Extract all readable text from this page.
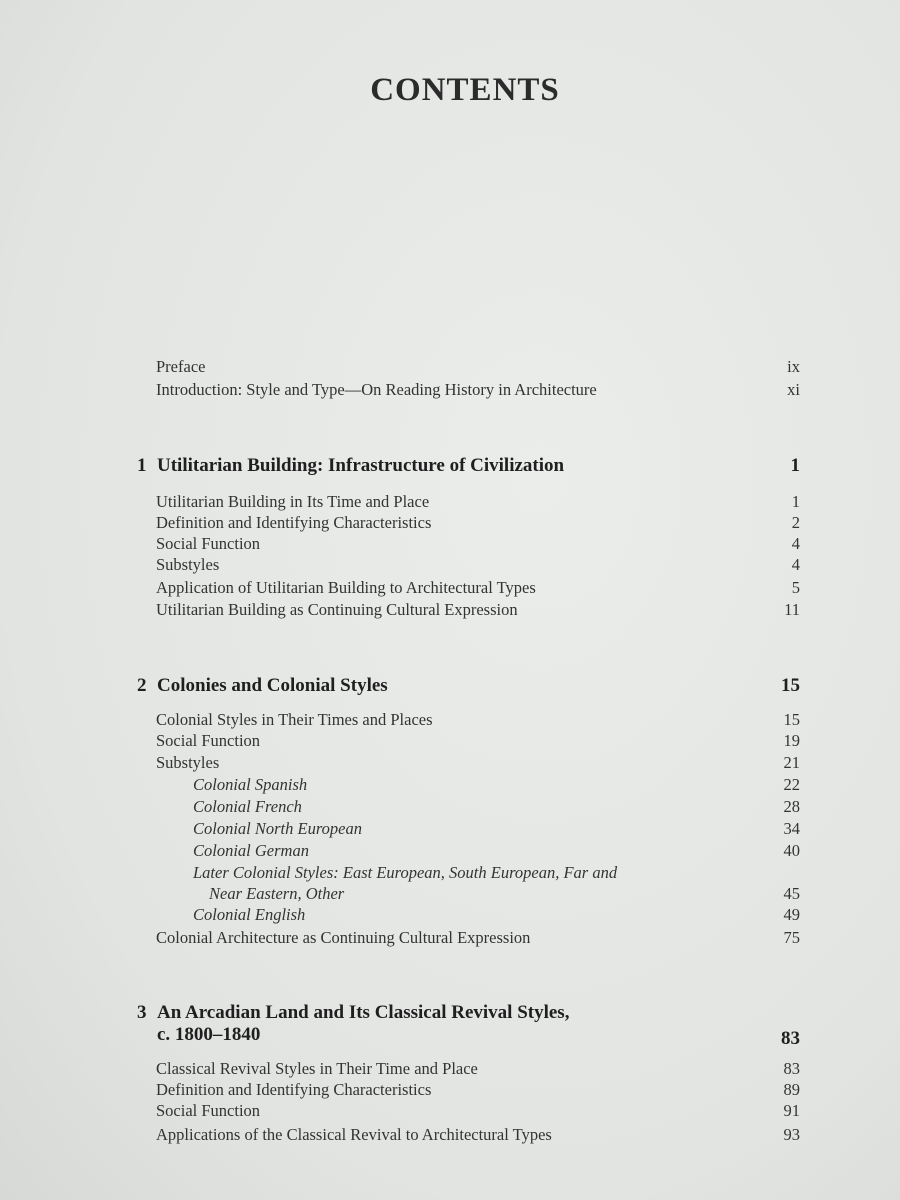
CONTENTS
Preface	ix
Introduction: Style and Type—On Reading History in Architecture	xi
1 Utilitarian Building: Infrastructure of Civilization	1
Utilitarian Building in Its Time and Place	1
Definition and Identifying Characteristics	2
Social Function	4
Substyles	4
Application of Utilitarian Building to Architectural Types	5
Utilitarian Building as Continuing Cultural Expression	11
2 Colonies and Colonial Styles	15
Colonial Styles in Their Times and Places	15
Social Function	19
Substyles	21
Colonial Spanish	22
Colonial French	28
Colonial North European	34
Colonial German	40
Later Colonial Styles: East European, South European, Far and
Near Eastern, Other	45
Colonial English	49
Colonial Architecture as Continuing Cultural Expression	75
3 An Arcadian Land and Its Classical Revival Styles,
c. 1800–1840	83
Classical Revival Styles in Their Time and Place	83
Definition and Identifying Characteristics	89
Social Function	91
Applications of the Classical Revival to Architectural Types	93
